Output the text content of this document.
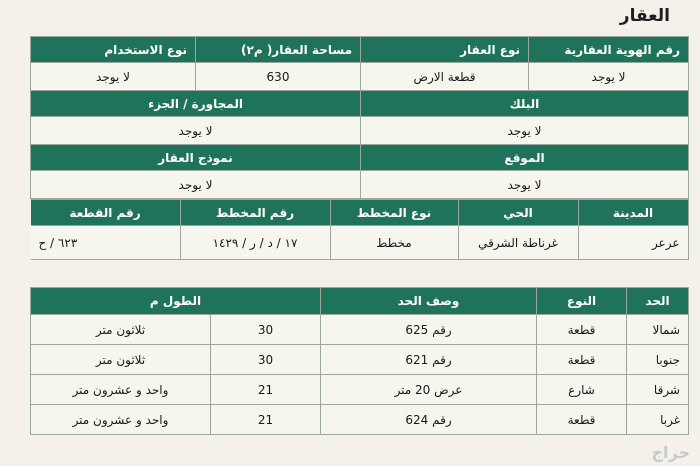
العقار
رقم الهوية العقارية	نوع العقار	مساحة العقار( م٢)	نوع الاستخدام
لا يوجد	قطعة الارض	630	لا يوجد
البلك	المجاورة / الجزء
لا يوجد	لا يوجد
الموقع	نموذج العقار
لا يوجد	لا يوجد

المدينة	الحي	نوع المخطط	رقم المخطط	رقم القطعة
عرعر	غرناطة الشرقي	مخطط	١٧ / د / ر / ١٤٢٩	٦٢٣ / ح
الحد	النوع	وصف الحد	الطول م	
شمالا	قطعة	رقم 625	30	ثلاثون متر
جنوبا	قطعة	رقم 621	30	ثلاثون متر
شرقا	شارع	عرض 20 متر	21	واحد و عشرون متر
غربا	قطعة	رقم 624	21	واحد و عشرون متر
حراج
